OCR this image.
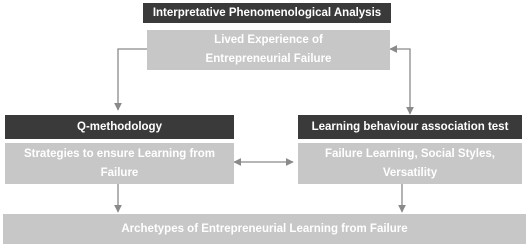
Interpretative Phenomenological Analysis
Lived Experience of
Entrepreneurial Failure
Q-methodology	Learning behaviour association test
Strategies to ensure Learning from
Failure
Failure Learning, Social Styles,
Versatility
Archetypes of Entrepreneurial Learning from Failure
